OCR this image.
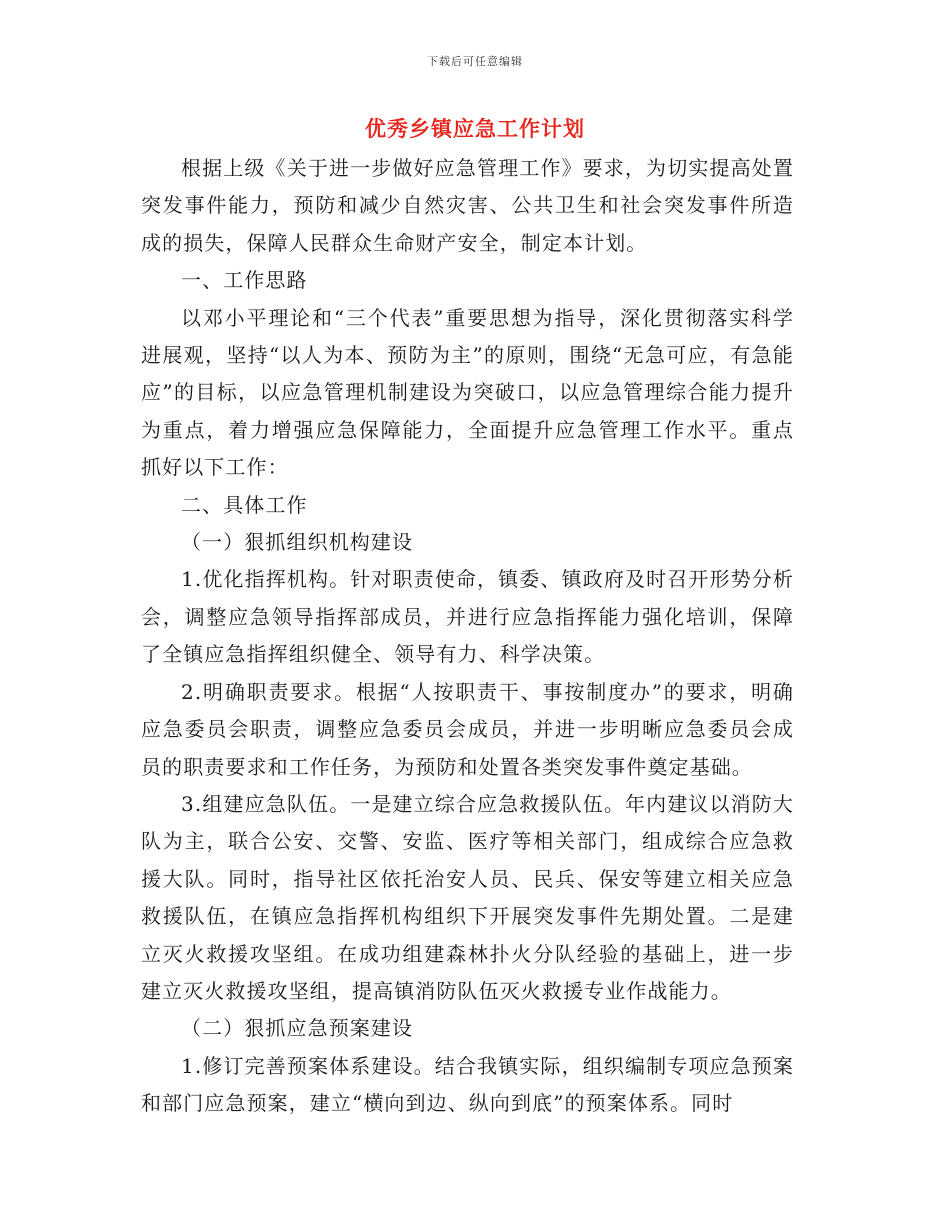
下载后可任意编辑
优秀乡镇应急工作计划

根据上级《关于进一步做好应急管理工作》要求，为切实提高处置突发事件能力，预防和减少自然灾害、公共卫生和社会突发事件所造成的损失，保障人民群众生命财产安全，制定本计划。

一、工作思路

以邓小平理论和“三个代表”重要思想为指导，深化贯彻落实科学进展观，坚持“以人为本、预防为主”的原则，围绕“无急可应，有急能应”的目标，以应急管理机制建设为突破口，以应急管理综合能力提升为重点，着力增强应急保障能力，全面提升应急管理工作水平。重点抓好以下工作：

二、具体工作

（一）狠抓组织机构建设

1.优化指挥机构。针对职责使命，镇委、镇政府及时召开形势分析会，调整应急领导指挥部成员，并进行应急指挥能力强化培训，保障了全镇应急指挥组织健全、领导有力、科学决策。

2.明确职责要求。根据“人按职责干、事按制度办”的要求，明确应急委员会职责，调整应急委员会成员，并进一步明晰应急委员会成员的职责要求和工作任务，为预防和处置各类突发事件奠定基础。

3.组建应急队伍。一是建立综合应急救援队伍。年内建议以消防大队为主，联合公安、交警、安监、医疗等相关部门，组成综合应急救援大队。同时，指导社区依托治安人员、民兵、保安等建立相关应急救援队伍，在镇应急指挥机构组织下开展突发事件先期处置。二是建立灭火救援攻坚组。在成功组建森林扑火分队经验的基础上，进一步建立灭火救援攻坚组，提高镇消防队伍灭火救援专业作战能力。

（二）狠抓应急预案建设

1.修订完善预案体系建设。结合我镇实际，组织编制专项应急预案和部门应急预案，建立“横向到边、纵向到底”的预案体系。同时
